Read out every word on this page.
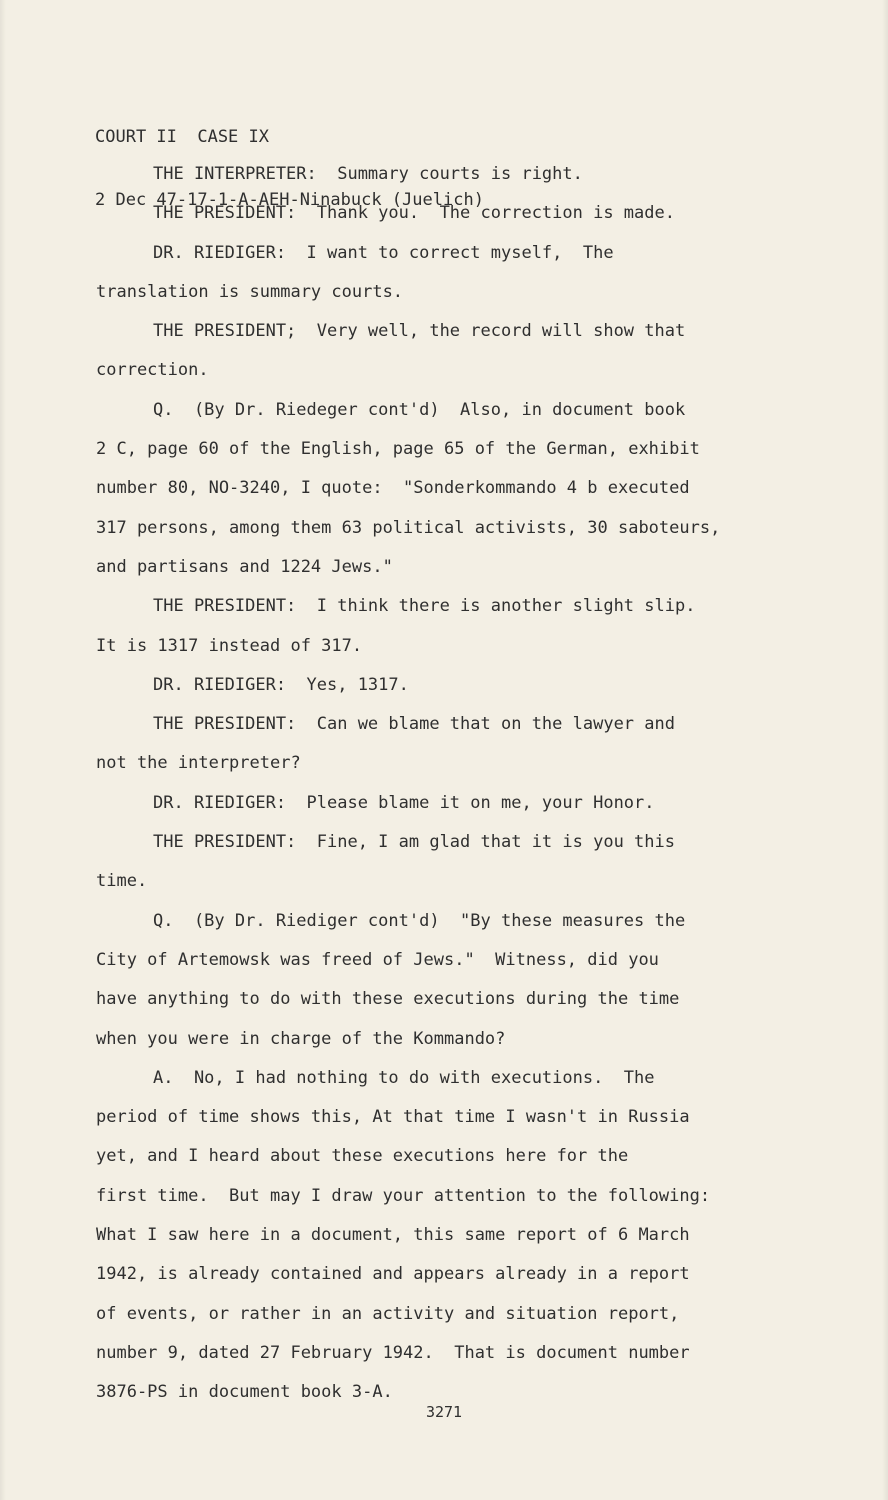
COURT II  CASE IX

2 Dec 47-17-1-A-AEH-Ninabuck (Juelich)

THE INTERPRETER:  Summary courts is right.
THE PRESIDENT:  Thank you.  The correction is made.
DR. RIEDIGER:  I want to correct myself,  The
translation is summary courts.
THE PRESIDENT;  Very well, the record will show that
correction.
Q.  (By Dr. Riedeger cont'd)  Also, in document book
2 C, page 60 of the English, page 65 of the German, exhibit
number 80, NO-3240, I quote:  "Sonderkommando 4 b executed
317 persons, among them 63 political activists, 30 saboteurs,
and partisans and 1224 Jews."
THE PRESIDENT:  I think there is another slight slip.
It is 1317 instead of 317.
DR. RIEDIGER:  Yes, 1317.
THE PRESIDENT:  Can we blame that on the lawyer and
not the interpreter?
DR. RIEDIGER:  Please blame it on me, your Honor.
THE PRESIDENT:  Fine, I am glad that it is you this
time.
Q.  (By Dr. Riediger cont'd)  "By these measures the
City of Artemowsk was freed of Jews."  Witness, did you
have anything to do with these executions during the time
when you were in charge of the Kommando?
A.  No, I had nothing to do with executions.  The
period of time shows this, At that time I wasn't in Russia
yet, and I heard about these executions here for the
first time.  But may I draw your attention to the following:
What I saw here in a document, this same report of 6 March
1942, is already contained and appears already in a report
of events, or rather in an activity and situation report,
number 9, dated 27 February 1942.  That is document number
3876-PS in document book 3-A.
3271
